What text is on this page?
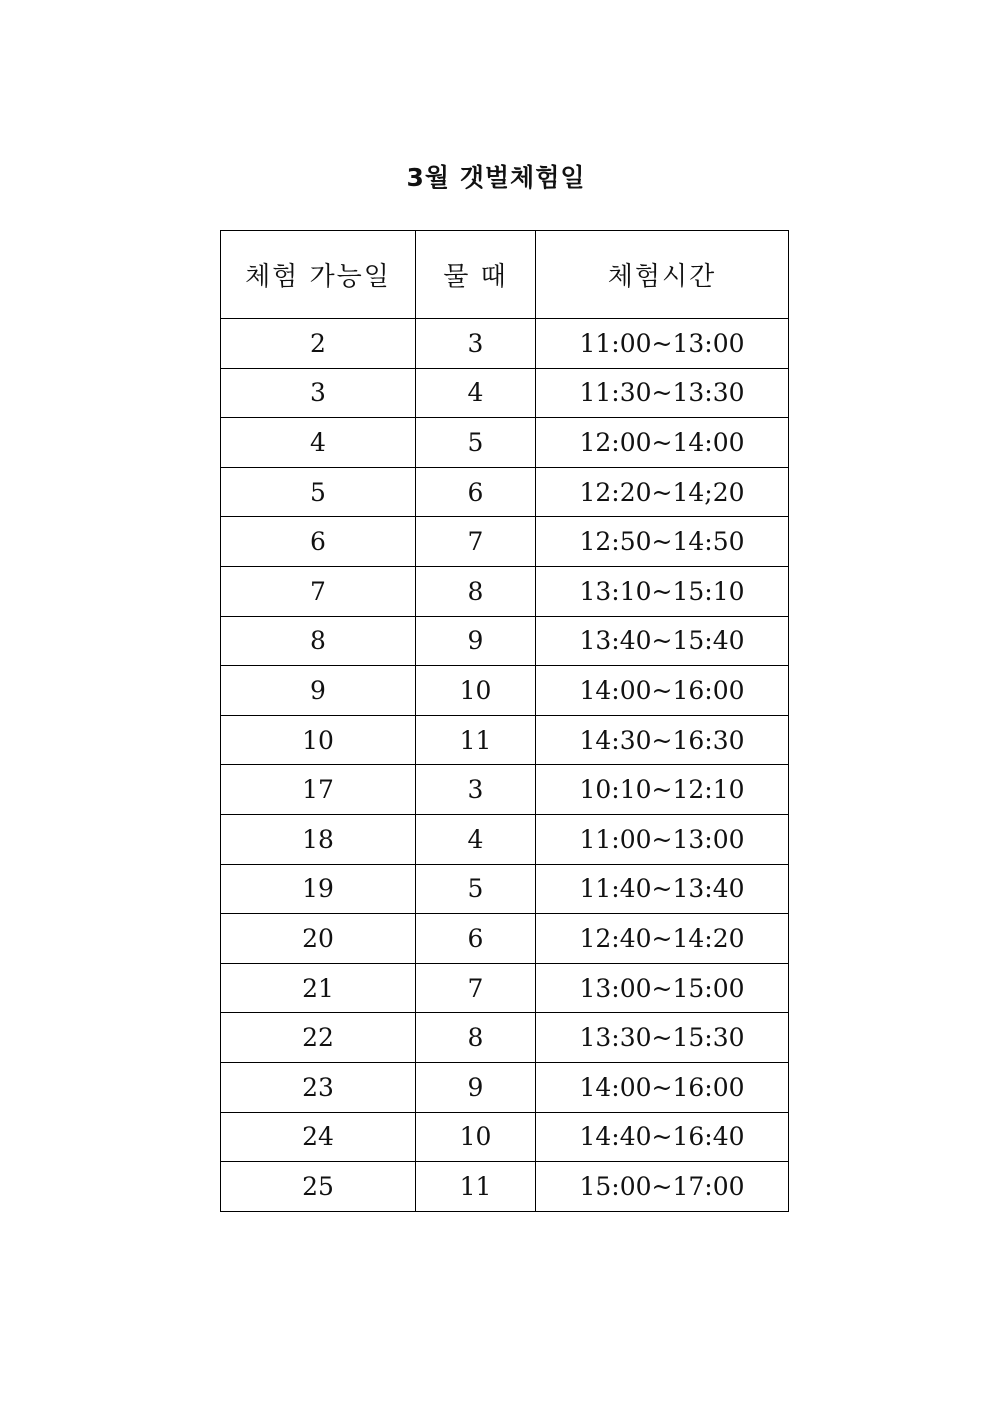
3월 갯벌체험일
체험 가능일	물 때	체험시간
2	3	11:00~13:00
3	4	11:30~13:30
4	5	12:00~14:00
5	6	12:20~14;20
6	7	12:50~14:50
7	8	13:10~15:10
8	9	13:40~15:40
9	10	14:00~16:00
10	11	14:30~16:30
17	3	10:10~12:10
18	4	11:00~13:00
19	5	11:40~13:40
20	6	12:40~14:20
21	7	13:00~15:00
22	8	13:30~15:30
23	9	14:00~16:00
24	10	14:40~16:40
25	11	15:00~17:00
